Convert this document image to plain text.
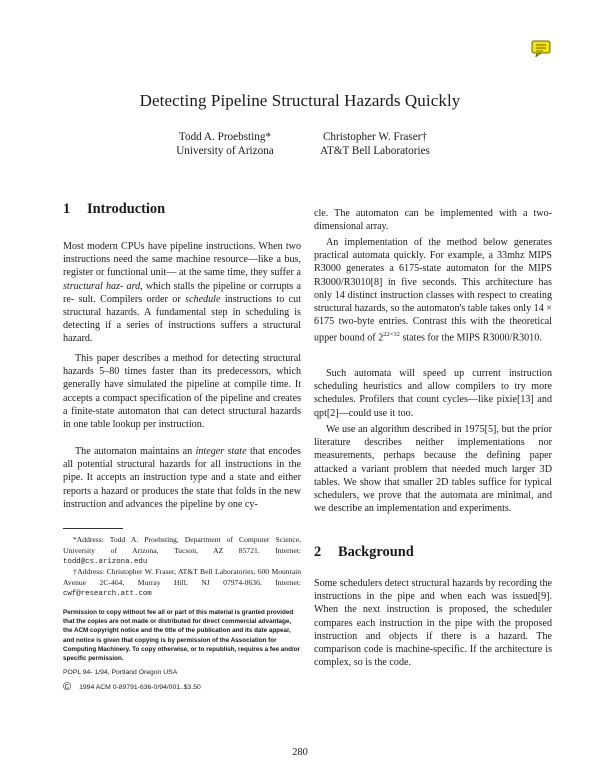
Detecting Pipeline Structural Hazards Quickly
Todd A. Proebsting*
University of Arizona
Christopher W. Fraser†
AT&T Bell Laboratories
1 Introduction

Most modern CPUs have pipeline instructions. When two instructions need the same machine resource—like a bus, register or functional unit— at the same time, they suffer a structural haz- ard, which stalls the pipeline or corrupts a re- sult. Compilers order or schedule instructions to cut structural hazards. A fundamental step in scheduling is detecting if a series of instructions suffers a structural hazard.

This paper describes a method for detecting structural hazards 5–80 times faster than its predecessors, which generally have simulated the pipeline at compile time. It accepts a compact specification of the pipeline and creates a finite-state automaton that can detect structural hazards in one table lookup per instruction.

The automaton maintains an integer state that encodes all potential structural hazards for all instructions in the pipe. It accepts an instruction type and a state and either reports a hazard or produces the state that folds in the new instruction and advances the pipeline by one cy-

*Address: Todd A. Proebsting, Department of Computer Science, University of Arizona, Tucson, AZ 85721. Internet: todd@cs.arizona.edu
†Address: Christopher W. Fraser, AT&T Bell Laboratories, 600 Mountain Avenue 2C-464, Murray Hill, NJ 07974-0636. Internet: cwf@research.att.com
Permission to copy without fee all or part of this material is granted provided that the copies are not made or distributed for direct commercial advantage, the ACM copyright notice and the title of the publication and its date appear, and notice is given that copying is by permission of the Association for Computing Machinery. To copy otherwise, or to republish, requires a fee and/or specific permission.
POPL 94- 1/94, Portland Oregon USA
© 1994 ACM 0-89791-636-0/94/001..$3.50

cle. The automaton can be implemented with a two-dimensional array.

An implementation of the method below generates practical automata quickly. For example, a 33mhz MIPS R3000 generates a 6175-state automaton for the MIPS R3000/R3010[8] in five seconds. This architecture has only 14 distinct instruction classes with respect to creating structural hazards, so the automaton's table takes only 14 × 6175 two-byte entries. Contrast this with the theoretical upper bound of $2^{22\times 32}$ states for the MIPS R3000/R3010.

Such automata will speed up current instruction scheduling heuristics and allow compilers to try more schedules. Profilers that count cycles—like pixie[13] and qpt[2]—could use it too.

We use an algorithm described in 1975[5], but the prior literature describes neither implementations nor measurements, perhaps because the defining paper attacked a variant problem that needed much larger 3D tables. We show that smaller 2D tables suffice for typical schedulers, we prove that the automata are minimal, and we describe an implementation and experiments.

2 Background

Some schedulers detect structural hazards by recording the instructions in the pipe and when each was issued[9]. When the next instruction is proposed, the scheduler compares each instruction in the pipe with the proposed instruction and objects if there is a hazard. The comparison code is machine-specific. If the architecture is complex, so is the code.

280
